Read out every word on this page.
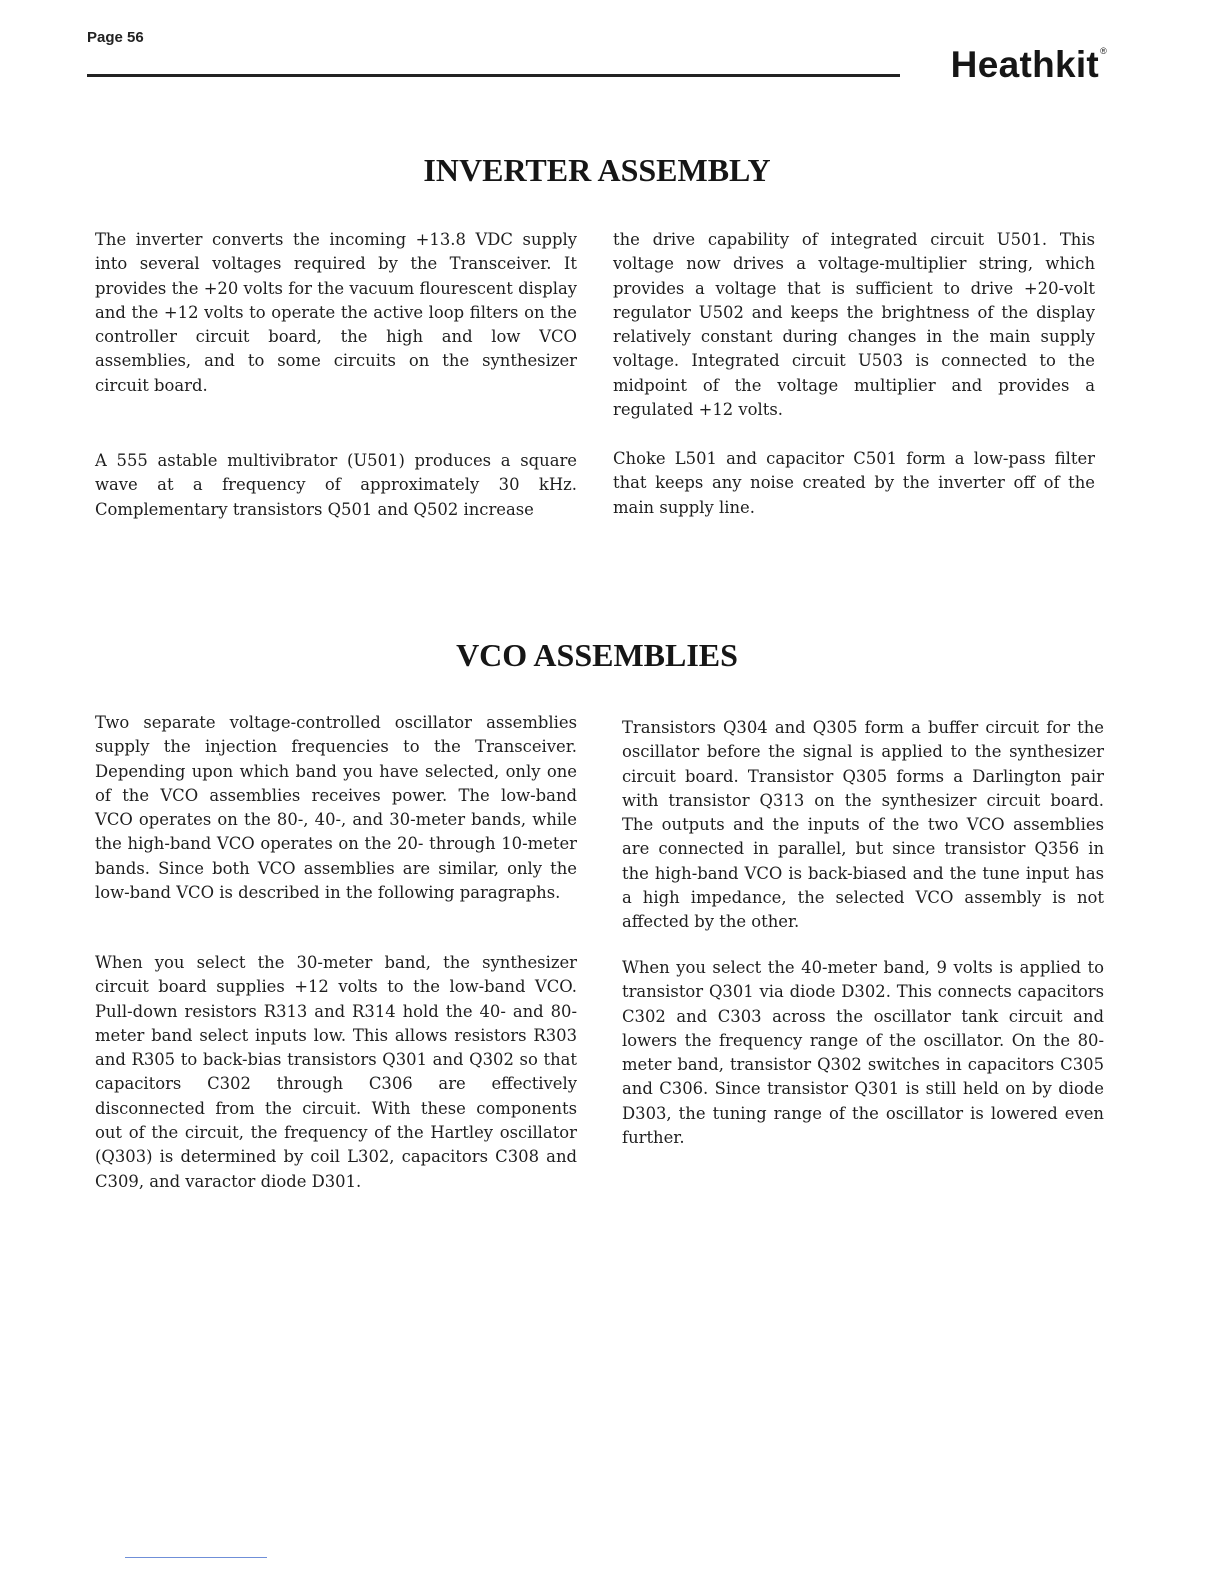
Page 56
Heathkit®
INVERTER ASSEMBLY

The inverter converts the incoming +13.8 VDC supply into several voltages required by the Transceiver. It provides the +20 volts for the vacuum flourescent display and the +12 volts to operate the active loop filters on the controller circuit board, the high and low VCO assemblies, and to some circuits on the synthesizer circuit board.

A 555 astable multivibrator (U501) produces a square wave at a frequency of approximately 30 kHz. Complementary transistors Q501 and Q502 increase

the drive capability of integrated circuit U501. This voltage now drives a voltage-multiplier string, which provides a voltage that is sufficient to drive +20-volt regulator U502 and keeps the brightness of the display relatively constant during changes in the main supply voltage. Integrated circuit U503 is connected to the midpoint of the voltage multiplier and provides a regulated +12 volts.

Choke L501 and capacitor C501 form a low-pass filter that keeps any noise created by the inverter off of the main supply line.

VCO ASSEMBLIES

Two separate voltage-controlled oscillator assemblies supply the injection frequencies to the Transceiver. Depending upon which band you have selected, only one of the VCO assemblies receives power. The low-band VCO operates on the 80-, 40-, and 30-meter bands, while the high-band VCO operates on the 20- through 10-meter bands. Since both VCO assemblies are similar, only the low-band VCO is described in the following paragraphs.

When you select the 30-meter band, the synthesizer circuit board supplies +12 volts to the low-band VCO. Pull-down resistors R313 and R314 hold the 40- and 80-meter band select inputs low. This allows resistors R303 and R305 to back-bias transistors Q301 and Q302 so that capacitors C302 through C306 are effectively disconnected from the circuit. With these components out of the circuit, the frequency of the Hartley oscillator (Q303) is determined by coil L302, capacitors C308 and C309, and varactor diode D301.

Transistors Q304 and Q305 form a buffer circuit for the oscillator before the signal is applied to the synthesizer circuit board. Transistor Q305 forms a Darlington pair with transistor Q313 on the synthesizer circuit board. The outputs and the inputs of the two VCO assemblies are connected in parallel, but since transistor Q356 in the high-band VCO is back-biased and the tune input has a high impedance, the selected VCO assembly is not affected by the other.

When you select the 40-meter band, 9 volts is applied to transistor Q301 via diode D302. This connects capacitors C302 and C303 across the oscillator tank circuit and lowers the frequency range of the oscillator. On the 80-meter band, transistor Q302 switches in capacitors C305 and C306. Since transistor Q301 is still held on by diode D303, the tuning range of the oscillator is lowered even further.
